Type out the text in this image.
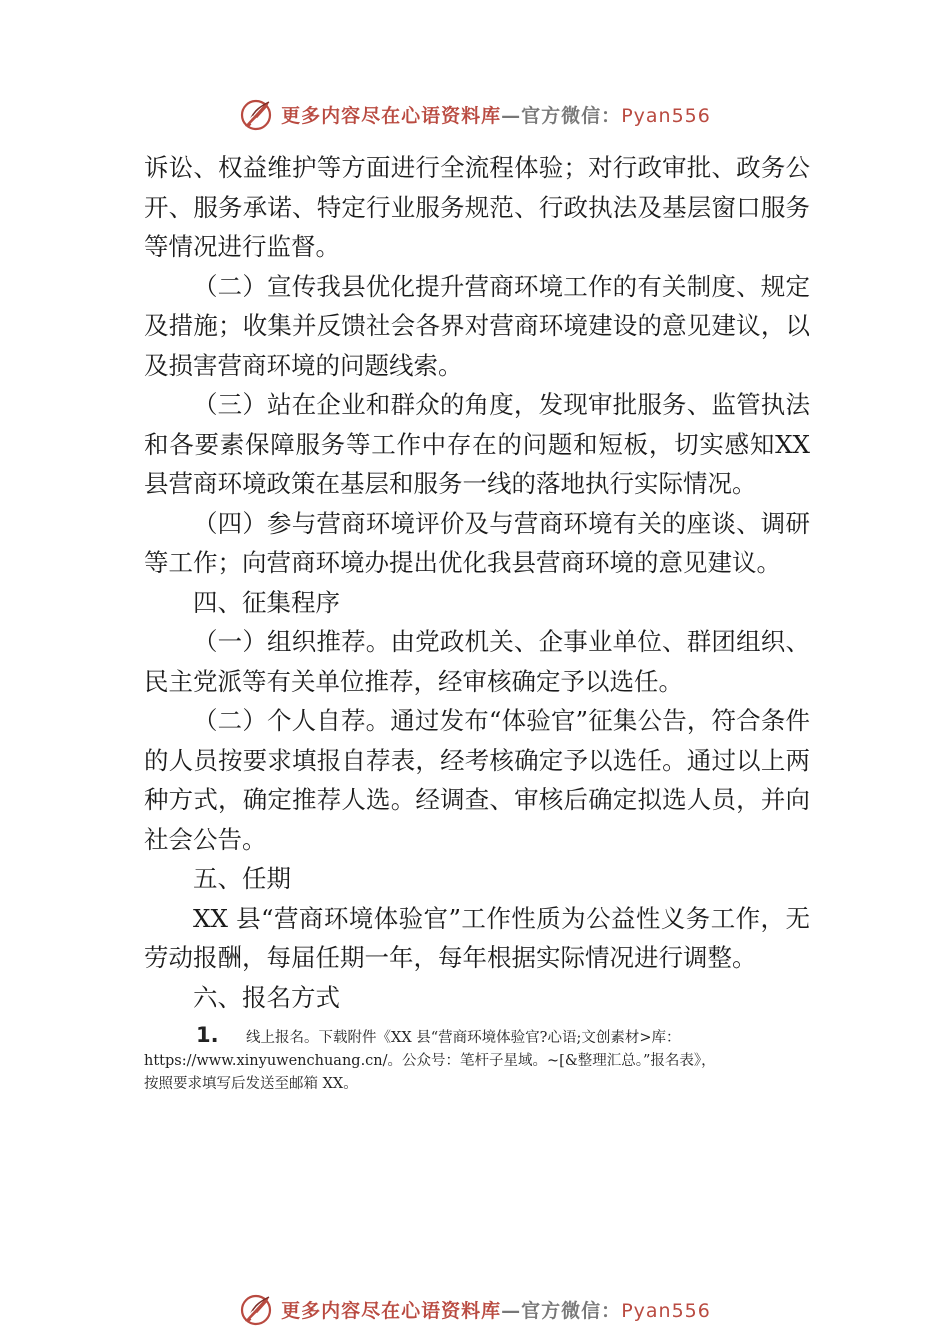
更多内容尽在心语资料库—官方微信：Pyan556

诉讼、权益维护等方面进行全流程体验；对行政审批、政务公开、服务承诺、特定行业服务规范、行政执法及基层窗口服务等情况进行监督。

（二）宣传我县优化提升营商环境工作的有关制度、规定及措施；收集并反馈社会各界对营商环境建设的意见建议，以及损害营商环境的问题线索。

（三）站在企业和群众的角度，发现审批服务、监管执法和各要素保障服务等工作中存在的问题和短板，切实感知XX 县营商环境政策在基层和服务一线的落地执行实际情况。

（四）参与营商环境评价及与营商环境有关的座谈、调研等工作；向营商环境办提出优化我县营商环境的意见建议。

四、征集程序

（一）组织推荐。由党政机关、企事业单位、群团组织、民主党派等有关单位推荐，经审核确定予以选任。

（二）个人自荐。通过发布“体验官”征集公告，符合条件的人员按要求填报自荐表，经考核确定予以选任。通过以上两种方式，确定推荐人选。经调查、审核后确定拟选人员，并向社会公告。

五、任期

XX 县“营商环境体验官”工作性质为公益性义务工作，无劳动报酬，每届任期一年，每年根据实际情况进行调整。

六、报名方式

1. 线上报名。下载附件《XX 县“营商环境体验官?心语;文创素材>库：
https://www.xinyuwenchuang.cn/。公众号：笔杆子星域。~[&整理汇总。”报名表》，
按照要求填写后发送至邮箱 XX。
更多内容尽在心语资料库—官方微信：Pyan556
